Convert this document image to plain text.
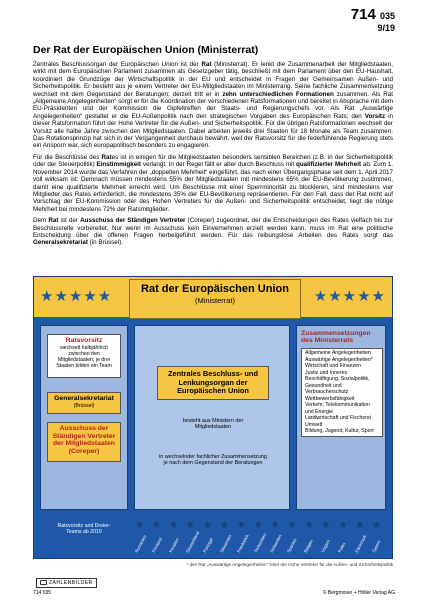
714 035
9/19
Der Rat der Europäischen Union (Ministerrat)

Zentrales Beschlussorgan der Europäischen Union ist der Rat (Ministerrat). Er lenkt die Zusammenarbeit der Mitgliedstaaten, wirkt mit dem Europäischen Parlament zusammen als Gesetzgeber tätig, beschließt mit dem Parlament über den EU-Haushalt, koordiniert die Grundzüge der Wirtschaftspolitik in der EU und entscheidet in Fragen der Gemeinsamen Außen- und Sicherheitspolitik. Er besteht aus je einem Vertreter der EU-Mitgliedstaaten im Ministerrang. Seine fachliche Zusammensetzung wechselt mit dem Gegenstand der Beratungen; derzeit tritt er in zehn unterschiedlichen Formationen zusammen. Als Rat „Allgemeine Angelegenheiten“ sorgt er für die Koordination der verschiedenen Ratsformationen und bereitet in Absprache mit dem EU-Präsidenten und der Kommission die Gipfeltreffen der Staats- und Regierungschefs vor. Als Rat „Auswärtige Angelegenheiten“ gestaltet er die EU-Außenpolitik nach den strategischen Vorgaben des Europäischen Rats; den Vorsitz in dieser Ratsformation führt der Hohe Vertreter für die Außen- und Sicherheitspolitik. Für die übrigen Ratsformationen wechselt der Vorsitz alle halbe Jahre zwischen den Mitgliedstaaten. Dabei arbeiten jeweils drei Staaten für 18 Monate als Team zusammen. Das Rotationsprinzip hat sich in der Vergangenheit durchaus bewährt, weil der Ratsvorsitz für die federführende Regierung stets ein Ansporn war, sich europapolitisch besonders zu engagieren.

Für die Beschlüsse des Rates ist in einigen für die Mitgliedstaaten besonders sensiblen Bereichen (z.B. in der Sicherheitspolitik oder der Steuerpolitik) Einstimmigkeit verlangt. In der Regel fällt er aber durch Beschluss mit qualifizierter Mehrheit ab. Zum 1. November 2014 wurde das Verfahren der „doppelten Mehrheit“ eingeführt, das nach einer Übergangsphase seit dem 1. April 2017 voll wirksam ist: Demnach müssen mindestens 55% der Mitgliedstaaten mit mindestens 65% der EU-Bevölkerung zustimmen, damit eine qualifizierte Mehrheit erreicht wird. Um Beschlüsse mit einer Sperrminorität zu blockieren, sind mindestens vier Mitglieder des Rates erforderlich, die mindestens 35% der EU-Bevölkerung repräsentieren. Für den Fall, dass der Rat nicht auf Vorschlag der EU-Kommission oder des Hohen Vertreters für die Außen- und Sicherheitspolitik entscheidet, liegt die nötige Mehrheit bei mindestens 72% der Ratsmitglieder.

Dem Rat ist der Ausschuss der Ständigen Vertreter (Coreper) zugeordnet, der die Entscheidungen des Rates vielfach bis zur Beschlussreife vorbereitet. Nur wenn im Ausschuss kein Einvernehmen erzielt werden kann, muss im Rat eine politische Entscheidung über die offenen Fragen herbeigeführt werden. Für das reibungslose Arbeiten des Rates sorgt das Generalsekretariat (in Brüssel).

★★★★★	★★★★★
Rat der Europäischen Union
(Ministerrat)
Ratsvorsitz
wechselt halbjährlich zwischen den Mitgliedstaaten; je drei Staaten bilden ein Team
Generalsekretariat
(Brüssel)
Ausschuss der Ständigen Vertreter der Mitgliedstaaten (Coreper)
Zentrales Beschluss- und Lenkungsorgan der Europäischen Union
besteht aus Ministern der Mitgliedstaaten
in wechselnder fachlicher Zusammensetzung je nach dem Gegenstand der Beratungen
Zusammensetzungen des Ministerrats
Allgemeine Angelegenheiten
Auswärtige Angelegenheiten*
Wirtschaft und Finanzen
Justiz und Inneres
Beschäftigung, Sozialpolitik, Gesundheit und Verbraucherschutz
Wettbewerbsfähigkeit
Verkehr, Telekommunikation und Energie
Landwirtschaft und Fischerei
Umwelt
Bildung, Jugend, Kultur, Sport
Ratsvorsitz und Dreier-Teams ab 2019
★
Rumänien
★
Finnland
★
Kroatien
★
Deutschland
★
Portugal
★
Slowenien
★
Frankreich
★
Tschechien
★
Schweden
★
Spanien
★
Belgien
★
Ungarn
★
Polen
★
Dänemark
★
Zypern
* den Rat „Auswärtige Angelegenheiten“ leitet der Hohe Vertreter für die Außen- und Sicherheitspolitik
ZAHLENBILDER
714 035	© Bergmoser + Höller Verlag AG
